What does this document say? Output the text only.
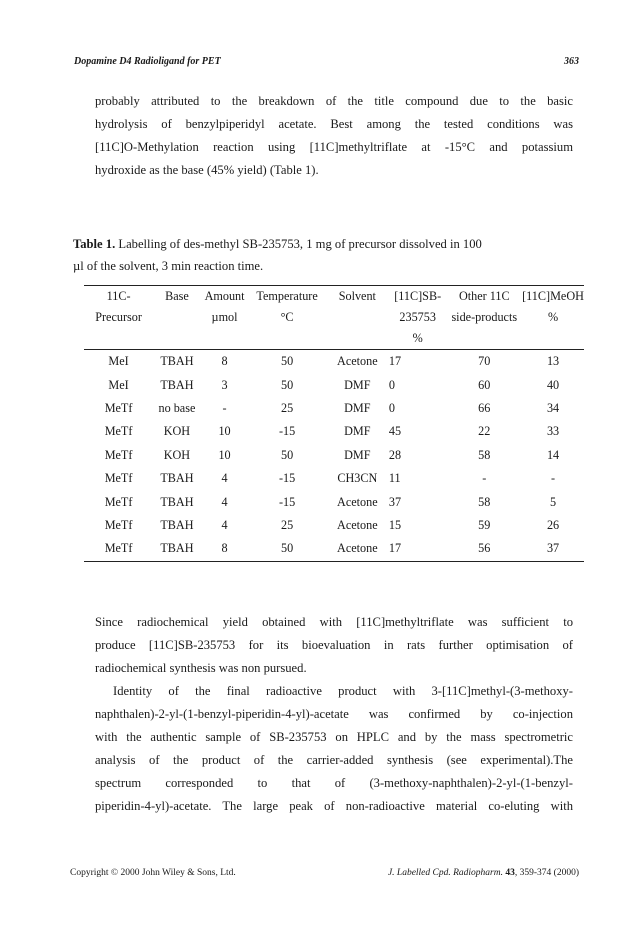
Dopamine D4 Radioligand for PET	363
probably attributed to the breakdown of the title compound due to the basic
hydrolysis of benzylpiperidyl acetate. Best among the tested conditions was
[11C]O-Methylation reaction using [11C]methyltriflate at -15°C and potassium
hydroxide as the base (45% yield) (Table 1).
Table 1. Labelling of des-methyl SB-235753, 1 mg of precursor dissolved in 100
µl of the solvent, 3 min reaction time.
11C-	Base	Amount	Temperature	Solvent	[11C]SB-	Other 11C	[11C]MeOH
Precursor		µmol	°C		235753	side-products	%
					%		
MeI	TBAH	8	50	Acetone	17	70	13
MeI	TBAH	3	50	DMF	0	60	40
MeTf	no base	-	25	DMF	0	66	34
MeTf	KOH	10	-15	DMF	45	22	33
MeTf	KOH	10	50	DMF	28	58	14
MeTf	TBAH	4	-15	CH3CN	11	-	-
MeTf	TBAH	4	-15	Acetone	37	58	5
MeTf	TBAH	4	25	Acetone	15	59	26
MeTf	TBAH	8	50	Acetone	17	56	37
Since radiochemical yield obtained with [11C]methyltriflate was sufficient to
produce [11C]SB-235753 for its bioevaluation in rats further optimisation of
radiochemical synthesis was non pursued.
Identity of the final radioactive product with 3-[11C]methyl-(3-methoxy-
naphthalen)-2-yl-(1-benzyl-piperidin-4-yl)-acetate was confirmed by co-injection
with the authentic sample of SB-235753 on HPLC and by the mass spectrometric
analysis of the product of the carrier-added synthesis (see experimental).The
spectrum corresponded to that of (3-methoxy-naphthalen)-2-yl-(1-benzyl-
piperidin-4-yl)-acetate. The large peak of non-radioactive material co-eluting with
Copyright © 2000 John Wiley & Sons, Ltd.	J. Labelled Cpd. Radiopharm. 43, 359-374 (2000)
